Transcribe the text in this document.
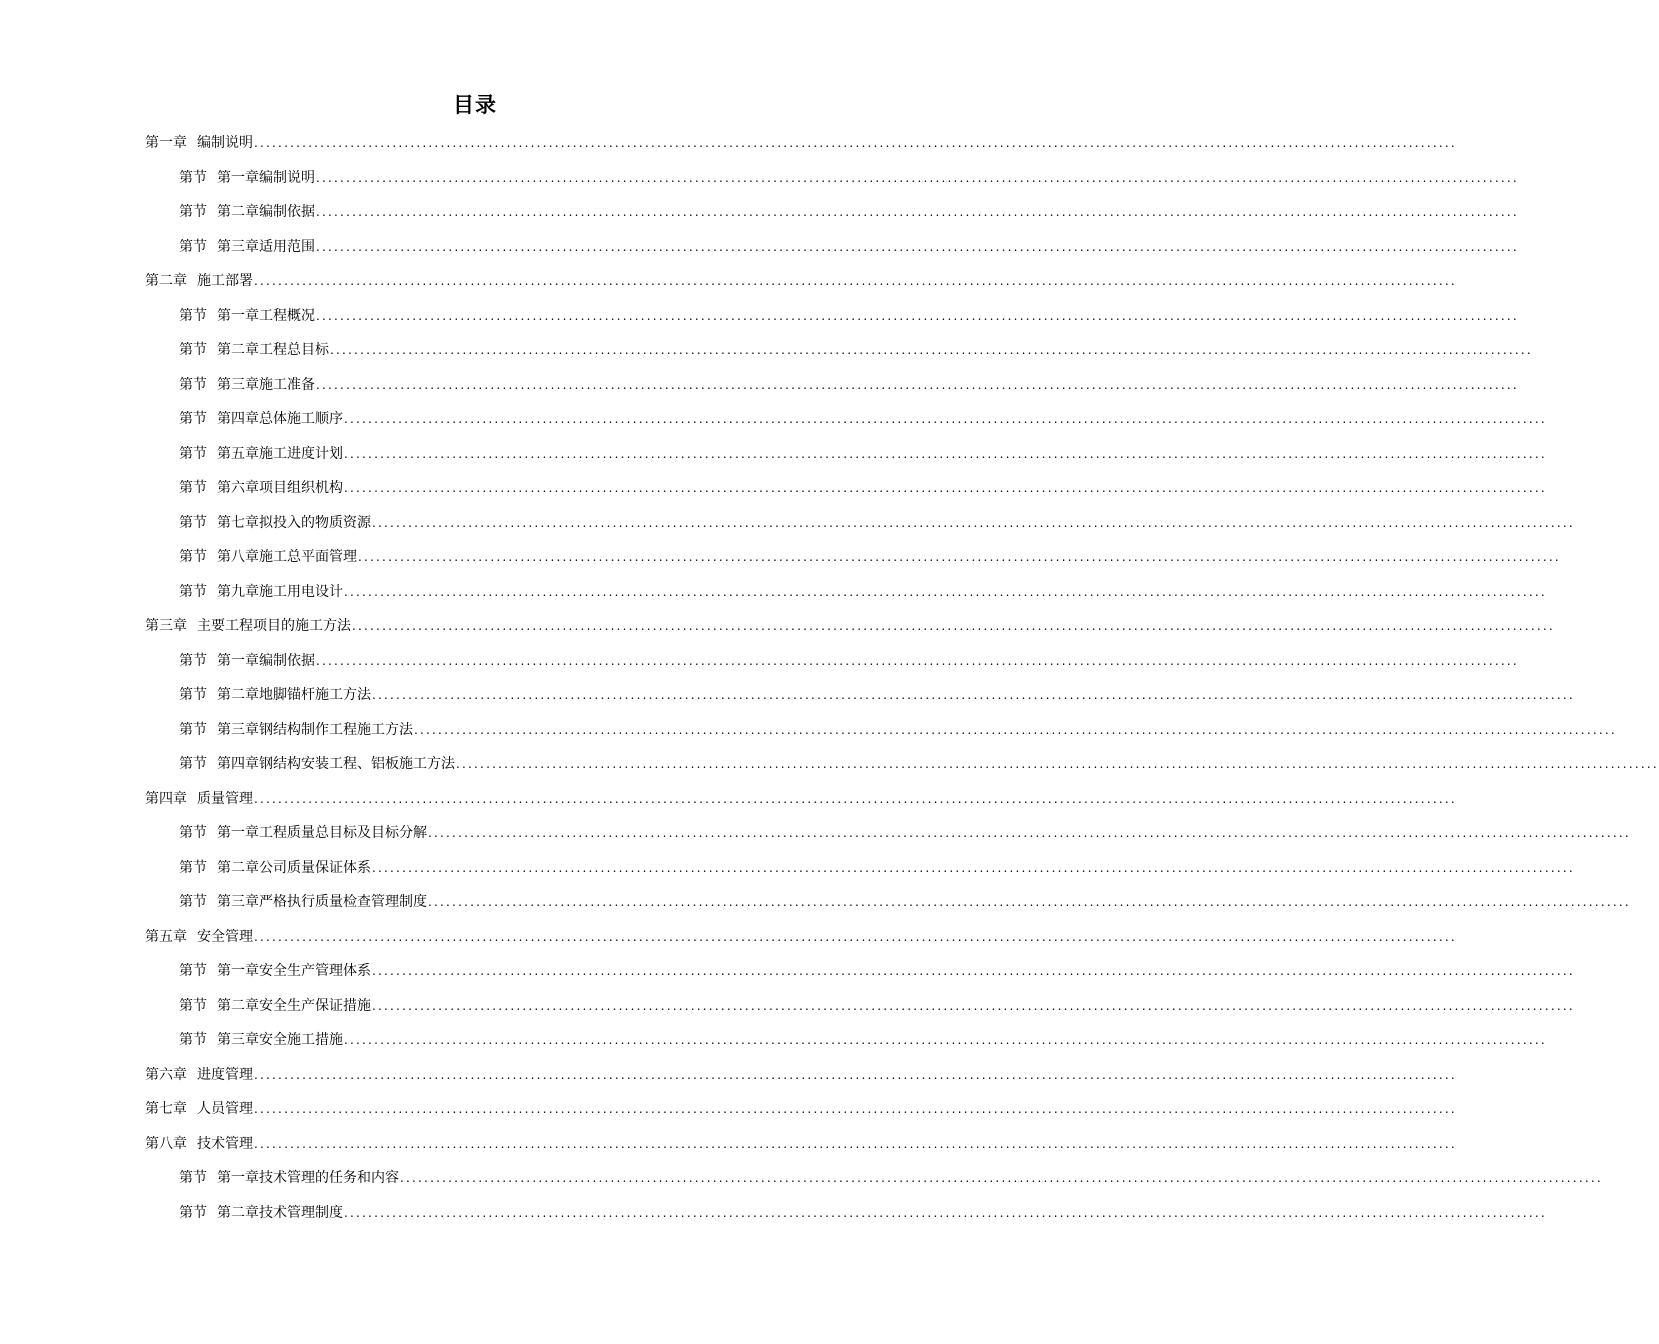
目录
第一章 编制说明 ........................................................................................................................................................................................................
第节 第一章编制说明 ........................................................................................................................................................................................................
第节 第二章编制依据 ........................................................................................................................................................................................................
第节 第三章适用范围 ........................................................................................................................................................................................................
第二章 施工部署 ........................................................................................................................................................................................................
第节 第一章工程概况 ........................................................................................................................................................................................................
第节 第二章工程总目标 ........................................................................................................................................................................................................
第节 第三章施工准备 ........................................................................................................................................................................................................
第节 第四章总体施工顺序 ........................................................................................................................................................................................................
第节 第五章施工进度计划 ........................................................................................................................................................................................................
第节 第六章项目组织机构 ........................................................................................................................................................................................................
第节 第七章拟投入的物质资源 ........................................................................................................................................................................................................
第节 第八章施工总平面管理 ........................................................................................................................................................................................................
第节 第九章施工用电设计 ........................................................................................................................................................................................................
第三章 主要工程项目的施工方法 ........................................................................................................................................................................................................
第节 第一章编制依据 ........................................................................................................................................................................................................
第节 第二章地脚锚杆施工方法 ........................................................................................................................................................................................................
第节 第三章钢结构制作工程施工方法 ........................................................................................................................................................................................................
第节 第四章钢结构安装工程、铝板施工方法 ........................................................................................................................................................................................................
第四章 质量管理 ........................................................................................................................................................................................................
第节 第一章工程质量总目标及目标分解 ........................................................................................................................................................................................................
第节 第二章公司质量保证体系 ........................................................................................................................................................................................................
第节 第三章严格执行质量检查管理制度 ........................................................................................................................................................................................................
第五章 安全管理 ........................................................................................................................................................................................................
第节 第一章安全生产管理体系 ........................................................................................................................................................................................................
第节 第二章安全生产保证措施 ........................................................................................................................................................................................................
第节 第三章安全施工措施 ........................................................................................................................................................................................................
第六章 进度管理 ........................................................................................................................................................................................................
第七章 人员管理 ........................................................................................................................................................................................................
第八章 技术管理 ........................................................................................................................................................................................................
第节 第一章技术管理的任务和内容 ........................................................................................................................................................................................................
第节 第二章技术管理制度 ........................................................................................................................................................................................................
